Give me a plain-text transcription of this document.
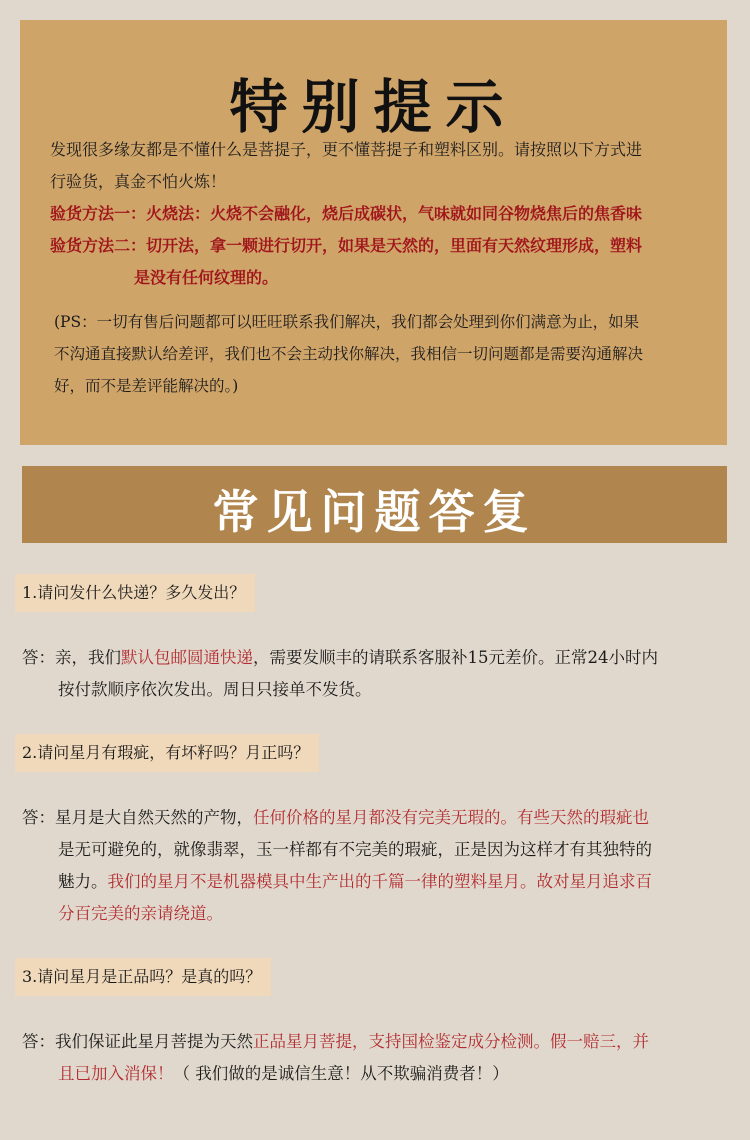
特别提示

发现很多缘友都是不懂什么是菩提子，更不懂菩提子和塑料区别。请按照以下方式进
行验货，真金不怕火炼！

验货方法一：火烧法：火烧不会融化，烧后成碳状，气味就如同谷物烧焦后的焦香味

验货方法二：切开法，拿一颗进行切开，如果是天然的，里面有天然纹理形成，塑料
是没有任何纹理的。

(PS：一切有售后问题都可以旺旺联系我们解决，我们都会处理到你们满意为止，如果
不沟通直接默认给差评，我们也不会主动找你解决，我相信一切问题都是需要沟通解决
好，而不是差评能解决的。)

常见问题答复
1.请问发什么快递？多久发出？

答：亲，我们默认包邮圆通快递，需要发顺丰的请联系客服补15元差价。正常24小时内
按付款顺序依次发出。周日只接单不发货。

2.请问星月有瑕疵，有坏籽吗？月正吗？

答：星月是大自然天然的产物，任何价格的星月都没有完美无瑕的。有些天然的瑕疵也
是无可避免的，就像翡翠，玉一样都有不完美的瑕疵，正是因为这样才有其独特的
魅力。我们的星月不是机器模具中生产出的千篇一律的塑料星月。故对星月追求百
分百完美的亲请绕道。

3.请问星月是正品吗？是真的吗？

答：我们保证此星月菩提为天然正品星月菩提，支持国检鉴定成分检测。假一赔三，并
且已加入消保！（ 我们做的是诚信生意！从不欺骗消费者！）
